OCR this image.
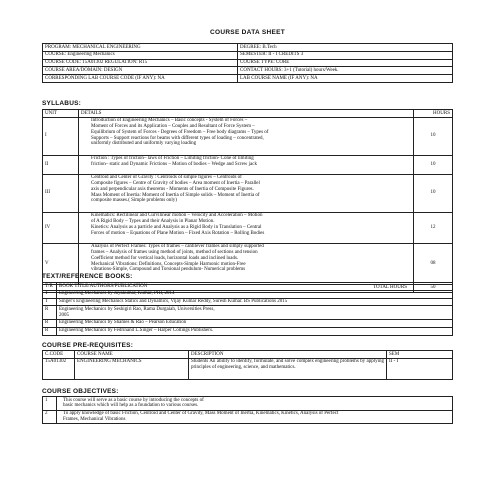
COURSE DATA SHEET
PROGRAM: MECHANICAL ENGINEERING	DEGREE: B.Tech
COURSE: Engineering Mechanics	SEMESTER: II - I CREDITS 3
COURSE CODE: 15A01302 REGULATION: R15	COURSE TYPE: CORE
COURSE AREA/DOMAIN: DESIGN	CONTACT HOURS: 3+1 (Tutorial) hours/Week.
CORRESPONDING LAB COURSE CODE (IF ANY): NA	LAB COURSE NAME (IF ANY): NA
SYLLABUS:
UNIT	DETAILS	HOURS
I	Introduction of Engineering Mechanics – Basic concepts - System of Forces –
Moment of Forces and its Application – Couples and Resultant of Force System –
Equilibrium of System of Forces - Degrees of Freedom – Free body diagrams – Types of
Supports – Support reactions for beams with different types of loading – concentrated,
uniformly distributed and uniformly varying loading	10
II	Friction : Types of friction– laws of Friction – Limiting friction- Cone of limiting
friction– static and Dynamic Frictions – Motion of bodies – Wedge and Screw jack	10
III	Centroid and Center of Gravity : Centroids of simple figures – Centroids of
Composite figures – Centre of Gravity of bodies – Area moment of Inertia – Parallel
axis and perpendicular axis theorems - Moments of Inertia of Composite Figures.
Mass Moment of Inertia: Moment of Inertia of Simple solids – Moment of Inertia of
composite masses.( Simple problems only)	10
IV	Kinematics: Rectilinear and Curvilinear motion – Velocity and Acceleration – Motion
of A Rigid Body – Types and their Analysis in Planar Motion.
Kinetics: Analysis as a particle and Analysis as a Rigid Body in Translation – Central
Forces of motion – Equations of Plane Motion – Fixed Axis Rotation – Rolling Bodies	12
V	Analysis of Perfect Frames: Types of frames – cantilever frames and simply supported
frames – Analysis of frames using method of joints, method of sections and tension
Coefficient method for vertical loads, horizontal loads and inclined loads.
Mechanical Vibrations: Definitions, Concepts-Simple Harmonic motion-Free
vibrations-Simple, Compound and Torsional pendulum- Numerical problems	08
TOTAL HOURS		50
TEXT/REFERENCE BOOKS:
T/R	BOOK TITLE/AUTHORS/PUBLICATION
T	Engineering Mechanics by Jayakumar, Kumar, PHI, 2014

T	Singer's Engineering Mechanics Statics and Dynamics, Vijay Kumar Reddy, Suresh Kumar. BS Publications 2015

R	Engineering Mechanics by Seshigiri Rao, Rama Durgaiah, Universities Press,
2005

R	Engineering Mechanics by Shames & Rao – Pearson Education

R	Engineering Mechanics by Fedrinand L.Singer – Harper Collings Publishers.
COURSE PRE-REQUISITES:
C.CODE	COURSE NAME	DESCRIPTION	SEM
15A01302	ENGINEERING MECHANICS	Students An ability to identify, formulate, and solve complex engineering problems by applying principles of engineering, science, and mathematics.	II - I
COURSE OBJECTIVES:
1	This course will serve as a basic course by introducing the concepts of
basic mechanics which will help as a foundation to various courses.

2	To apply knowledge of basic Friction, Centroid and Center of Gravity, Mass Moment of Inertia, Kinematics, Kinetics, Analysis of Perfect
Frames, Mechanical Vibrations
